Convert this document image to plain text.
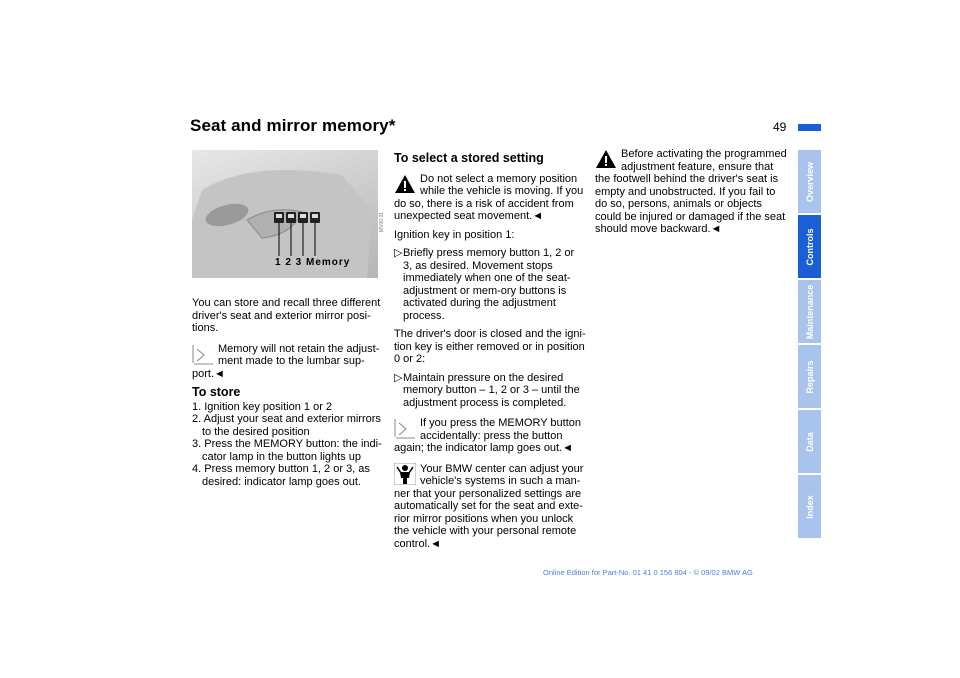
Seat and mirror memory*	49
Overview
Controls
Maintenance
Repairs
Data
Index
1 2 3 Memory
MV00.01

You can store and recall three different driver's seat and exterior mirror posi-tions.

Memory will not retain the adjust-ment made to the lumbar sup-port.◄
To store
1. Ignition key position 1 or 2
2. Adjust your seat and exterior mirrors to the desired position
3. Press the MEMORY button: the indi-cator lamp in the button lights up
4. Press memory button 1, 2 or 3, as desired: indicator lamp goes out.
To select a stored setting
Do not select a memory position while the vehicle is moving. If you do so, there is a risk of accident from unexpected seat movement.◄

Ignition key in position 1:

▷ Briefly press memory button 1, 2 or 3, as desired. Movement stops immediately when one of the seat-adjustment or mem-ory buttons is activated during the adjustment process.

The driver's door is closed and the igni-tion key is either removed or in position 0 or 2:

▷ Maintain pressure on the desired memory button – 1, 2 or 3 – until the adjustment process is completed.
If you press the MEMORY button accidentally: press the button again; the indicator lamp goes out.◄
Your BMW center can adjust your vehicle's systems in such a man-ner that your personalized settings are automatically set for the seat and exte-rior mirror positions when you unlock the vehicle with your personal remote control.◄
Before activating the programmed adjustment feature, ensure that the footwell behind the driver's seat is empty and unobstructed. If you fail to do so, persons, animals or objects could be injured or damaged if the seat should move backward.◄
Online Edition for Part-No. 01 41 0 156 804 - © 09/02 BMW AG
